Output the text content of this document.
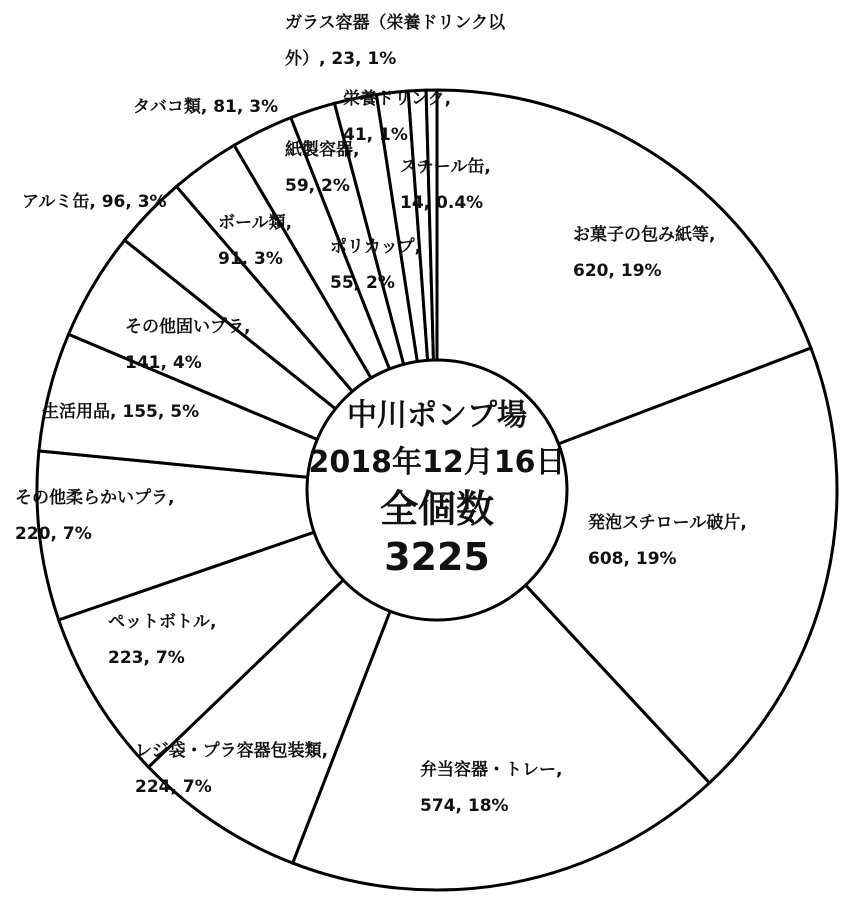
お菓子の包み紙等, 620, 19%
発泡スチロール破片, 608, 19%
弁当容器・トレー, 574, 18%
レジ袋・プラ容器包装類, 224, 7%
ペットボトル, 223, 7%
その他柔らかいプラ, 220, 7%
生活用品, 155, 5%
その他固いプラ, 141, 4%
アルミ缶, 96, 3%
ボール類, 91, 3%
タバコ類, 81, 3%
紙製容器, 59, 2%
ポリカップ, 55, 2%
栄養ドリンク, 41, 1%
ガラス容器（栄養ドリンク以外）, 23, 1%
スチール缶, 14, 0.4%
中川ポンプ場 2018年12月16日全個数 3225
